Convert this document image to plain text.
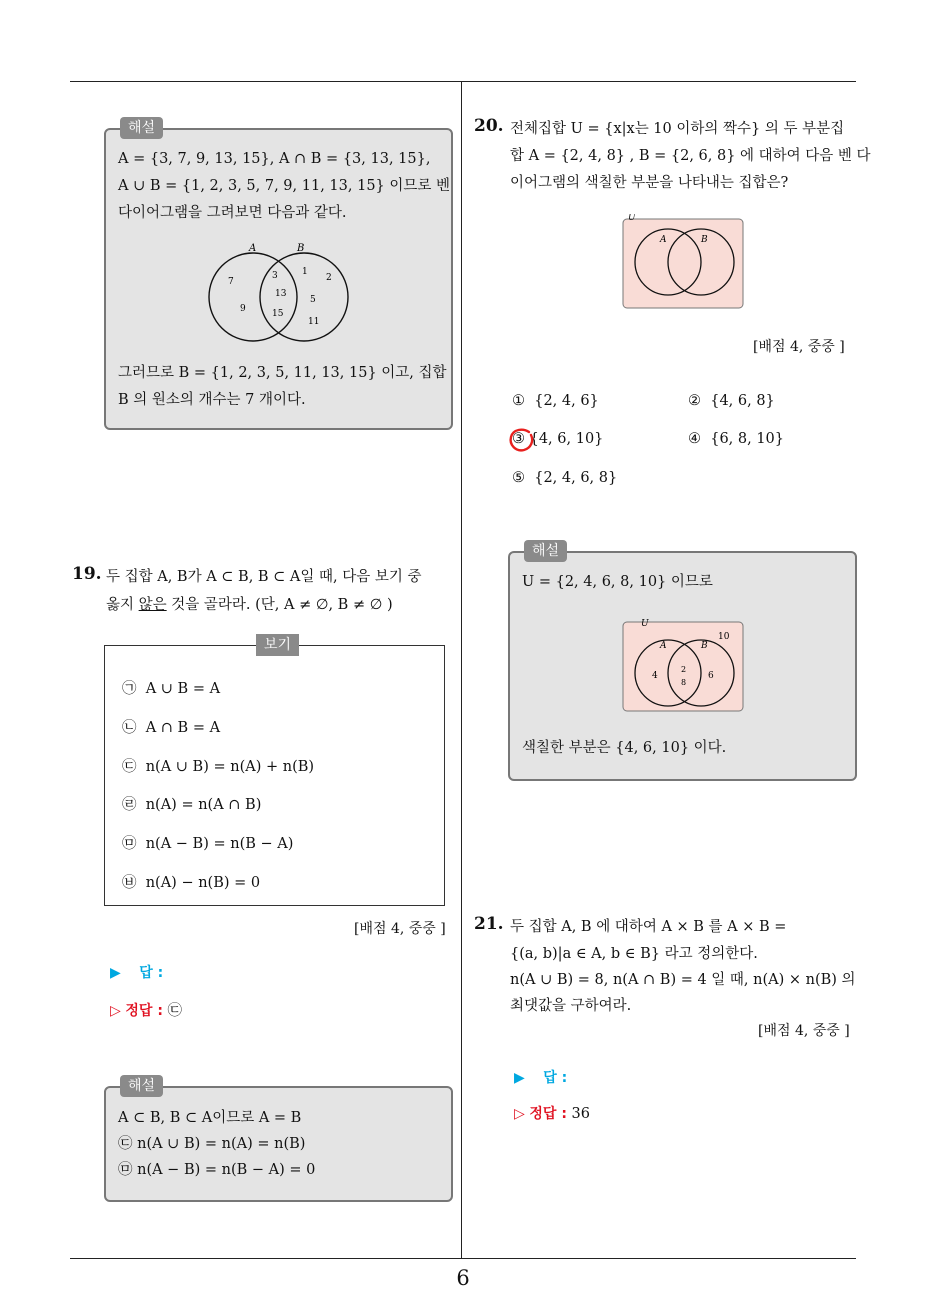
6
해설
A = {3, 7, 9, 13, 15}, A ∩ B = {3, 13, 15},
A ∪ B = {1, 2, 3, 5, 7, 9, 11, 13, 15} 이므로 벤
다이어그램을 그려보면 다음과 같다.
A	B
7
9
3
13
15
1
2
5
11
그러므로 B = {1, 2, 3, 5, 11, 13, 15} 이고, 집합
B 의 원소의 개수는 7 개이다.
19. 두 집합 A, B가 A ⊂ B, B ⊂ A일 때, 다음 보기 중
옳지 않은 것을 골라라. (단, A ≠ ∅, B ≠ ∅ )
보기
㉠ A ∪ B = A
㉡ A ∩ B = A
㉢ n(A ∪ B) = n(A) + n(B)
㉣ n(A) = n(A ∩ B)
㉤ n(A − B) = n(B − A)
㉥ n(A) − n(B) = 0
[배점 4, 중중 ]
▶ 답 :
▷ 정답 : ㉢
해설
A ⊂ B, B ⊂ A이므로 A = B
㉢ n(A ∪ B) = n(A) = n(B)
㉤ n(A − B) = n(B − A) = 0
20. 전체집합 U = {x|x는 10 이하의 짝수} 의 두 부분집
합 A = {2, 4, 8} , B = {2, 6, 8} 에 대하여 다음 벤 다
이어그램의 색칠한 부분을 나타내는 집합은?
U
A	B
[배점 4, 중중 ]
① {2, 4, 6}	② {4, 6, 8}
③ {4, 6, 10}	④ {6, 8, 10}
⑤ {2, 4, 6, 8}
해설
U = {2, 4, 6, 8, 10} 이므로
U
A	B
10
4
2
8
6
색칠한 부분은 {4, 6, 10} 이다.
21. 두 집합 A, B 에 대하여 A × B 를 A × B =
{(a, b)|a ∈ A, b ∈ B} 라고 정의한다.
n(A ∪ B) = 8, n(A ∩ B) = 4 일 때, n(A) × n(B) 의
최댓값을 구하여라.
[배점 4, 중중 ]
▶ 답 :
▷ 정답 : 36
